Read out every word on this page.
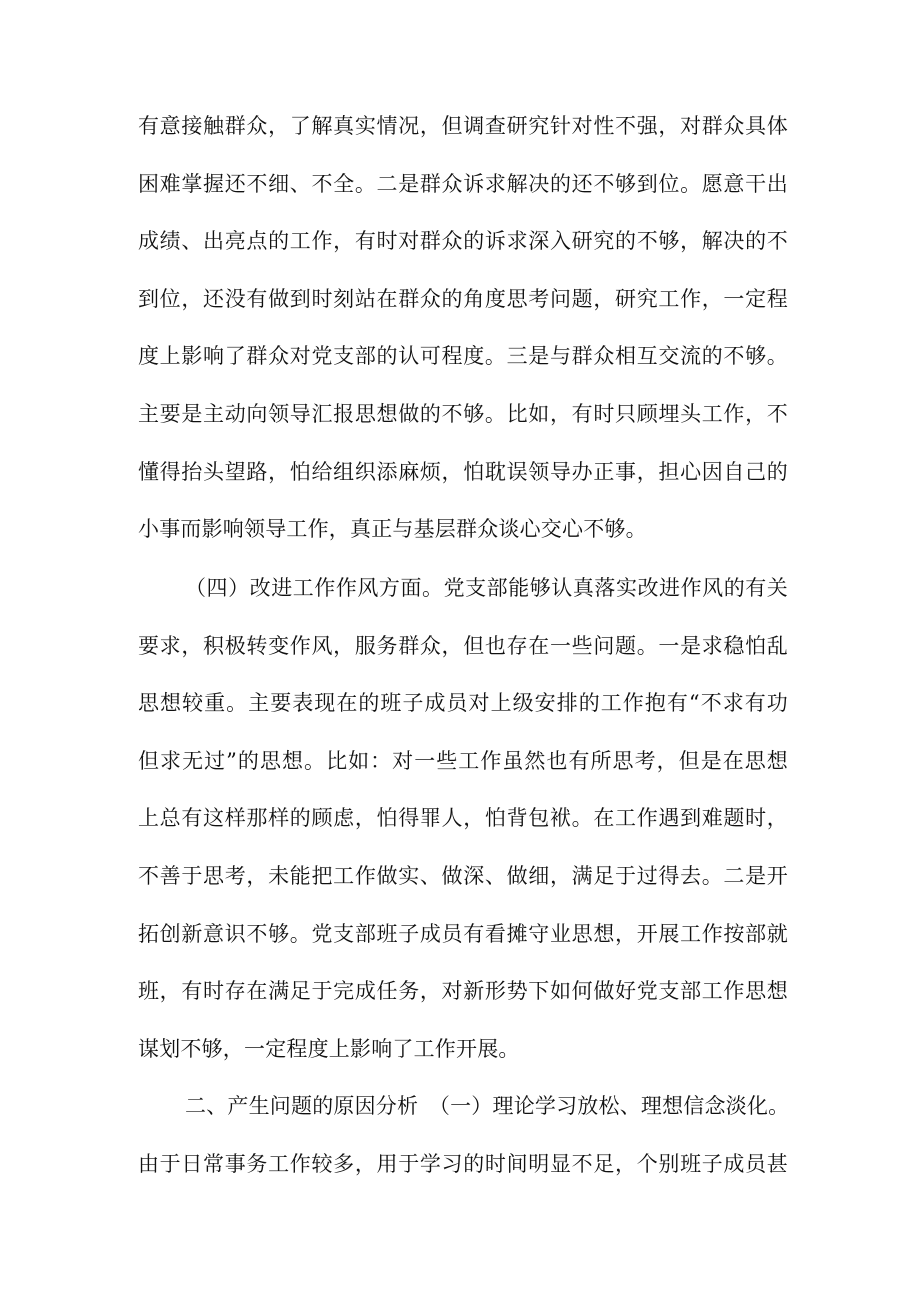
有意接触群众，了解真实情况，但调查研究针对性不强，对群众具体
困难掌握还不细、不全。二是群众诉求解决的还不够到位。愿意干出
成绩、出亮点的工作，有时对群众的诉求深入研究的不够，解决的不
到位，还没有做到时刻站在群众的角度思考问题，研究工作，一定程
度上影响了群众对党支部的认可程度。三是与群众相互交流的不够。
主要是主动向领导汇报思想做的不够。比如，有时只顾埋头工作，不
懂得抬头望路，怕给组织添麻烦，怕耽误领导办正事，担心因自己的
小事而影响领导工作，真正与基层群众谈心交心不够。
（四）改进工作作风方面。党支部能够认真落实改进作风的有关
要求，积极转变作风，服务群众，但也存在一些问题。一是求稳怕乱
思想较重。主要表现在的班子成员对上级安排的工作抱有“不求有功
但求无过”的思想。比如：对一些工作虽然也有所思考，但是在思想
上总有这样那样的顾虑，怕得罪人，怕背包袱。在工作遇到难题时，
不善于思考，未能把工作做实、做深、做细，满足于过得去。二是开
拓创新意识不够。党支部班子成员有看摊守业思想，开展工作按部就
班，有时存在满足于完成任务，对新形势下如何做好党支部工作思想
谋划不够，一定程度上影响了工作开展。
二、产生问题的原因分析　（一）理论学习放松、理想信念淡化。
由于日常事务工作较多，用于学习的时间明显不足，个别班子成员甚
